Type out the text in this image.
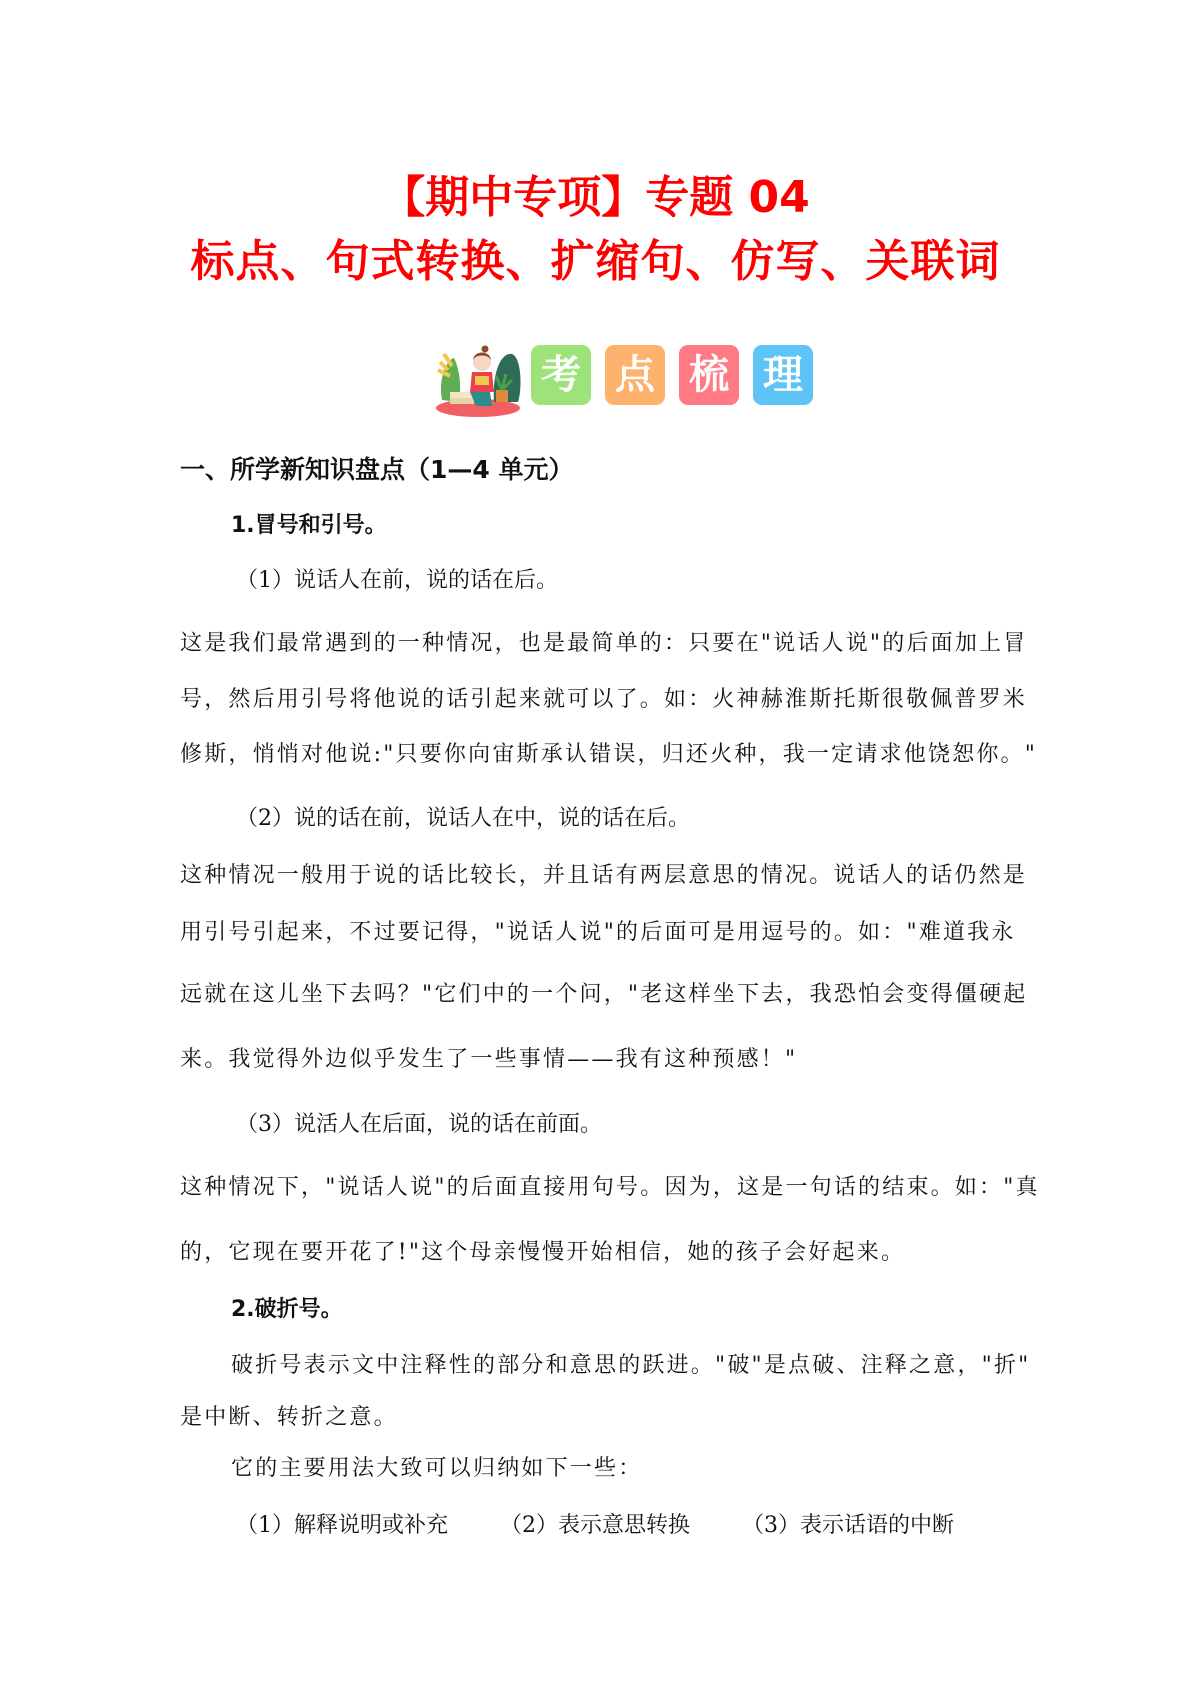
【期中专项】专题 04
标点、句式转换、扩缩句、仿写、关联词
考 点 梳 理
一、所学新知识盘点（1—4 单元）
1.冒号和引号。
（1）说话人在前，说的话在后。
这是我们最常遇到的一种情况，也是最简单的：只要在"说话人说"的后面加上冒
号，然后用引号将他说的话引起来就可以了。如：火神赫淮斯托斯很敬佩普罗米
修斯，悄悄对他说:"只要你向宙斯承认错误，归还火种，我一定请求他饶恕你。"
（2）说的话在前，说话人在中，说的话在后。
这种情况一般用于说的话比较长，并且话有两层意思的情况。说话人的话仍然是
用引号引起来，不过要记得，"说话人说"的后面可是用逗号的。如："难道我永
远就在这儿坐下去吗？"它们中的一个问，"老这样坐下去，我恐怕会变得僵硬起
来。我觉得外边似乎发生了一些事情——我有这种预感！"
（3）说活人在后面，说的话在前面。
这种情况下，"说话人说"的后面直接用句号。因为，这是一句话的结束。如："真
的，它现在要开花了!"这个母亲慢慢开始相信，她的孩子会好起来。
2.破折号。
破折号表示文中注释性的部分和意思的跃进。"破"是点破、注释之意，"折"
是中断、转折之意。
它的主要用法大致可以归纳如下一些：
（1）解释说明或补充 （2）表示意思转换 （3）表示话语的中断
